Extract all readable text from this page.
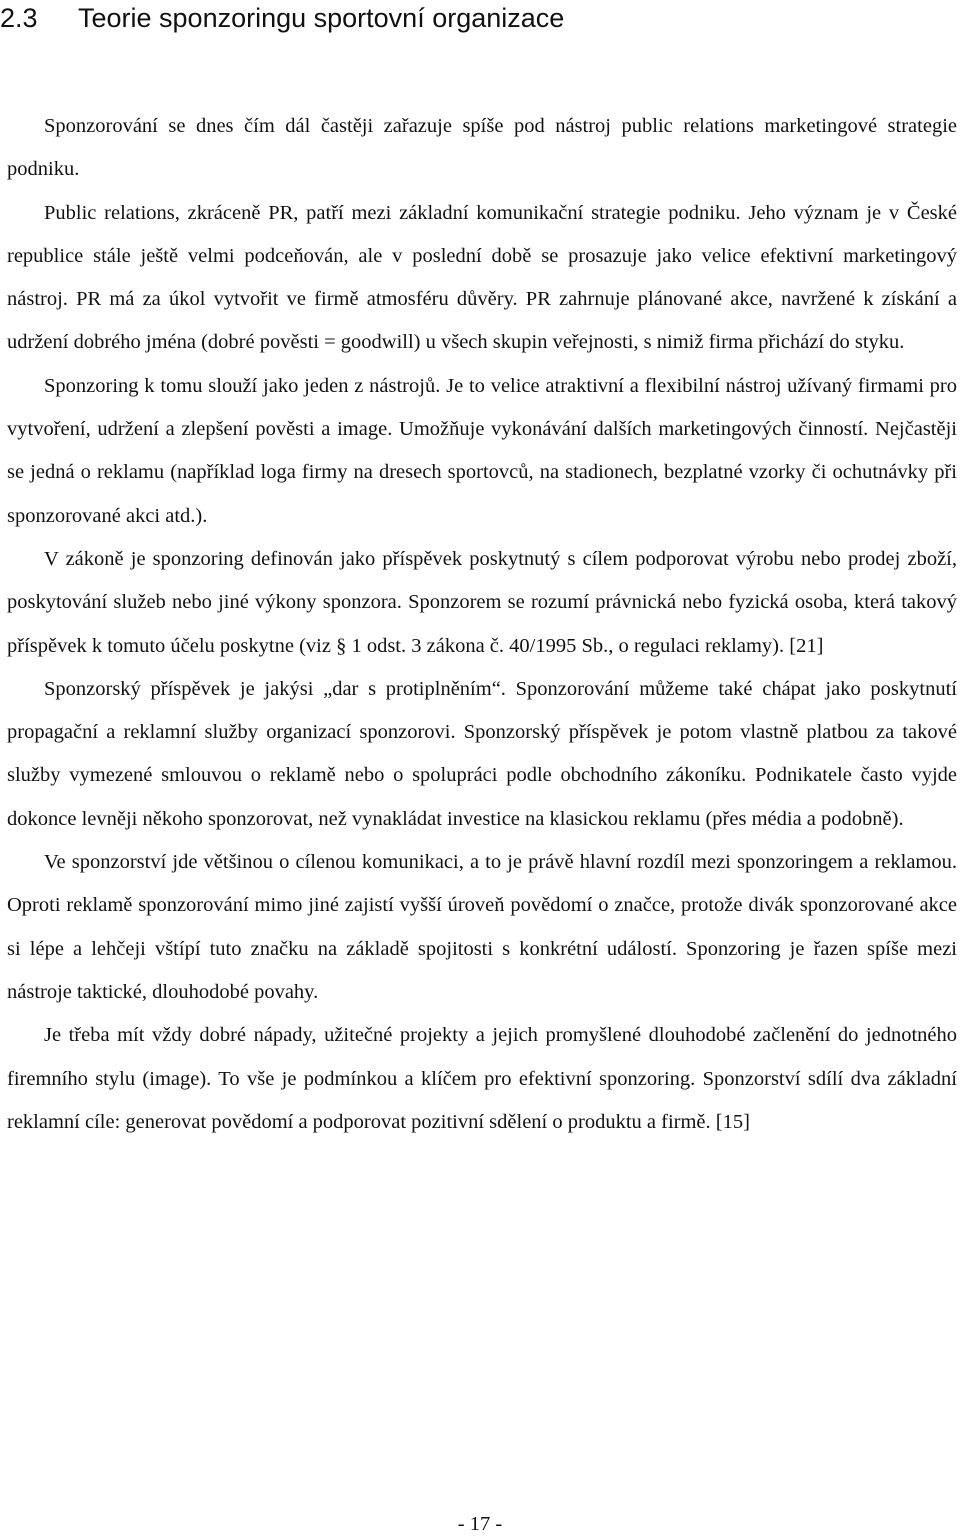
2.3 Teorie sponzoringu sportovní organizace

Sponzorování se dnes čím dál častěji zařazuje spíše pod nástroj public relations marketingové strategie podniku.

Public relations, zkráceně PR, patří mezi základní komunikační strategie podniku. Jeho význam je v České republice stále ještě velmi podceňován, ale v poslední době se prosazuje jako velice efektivní marketingový nástroj. PR má za úkol vytvořit ve firmě atmosféru důvěry. PR zahrnuje plánované akce, navržené k získání a udržení dobrého jména (dobré pověsti = goodwill) u všech skupin veřejnosti, s nimiž firma přichází do styku.

Sponzoring k tomu slouží jako jeden z nástrojů. Je to velice atraktivní a flexibilní nástroj užívaný firmami pro vytvoření, udržení a zlepšení pověsti a image. Umožňuje vykonávání dalších marketingových činností. Nejčastěji se jedná o reklamu (například loga firmy na dresech sportovců, na stadionech, bezplatné vzorky či ochutnávky při sponzorované akci atd.).

V zákoně je sponzoring definován jako příspěvek poskytnutý s cílem podporovat výrobu nebo prodej zboží, poskytování služeb nebo jiné výkony sponzora. Sponzorem se rozumí právnická nebo fyzická osoba, která takový příspěvek k tomuto účelu poskytne (viz § 1 odst. 3 zákona č. 40/1995 Sb., o regulaci reklamy). [21]

Sponzorský příspěvek je jakýsi „dar s protiplněním“. Sponzorování můžeme také chápat jako poskytnutí propagační a reklamní služby organizací sponzorovi. Sponzorský příspěvek je potom vlastně platbou za takové služby vymezené smlouvou o reklamě nebo o spolupráci podle obchodního zákoníku. Podnikatele často vyjde dokonce levněji někoho sponzorovat, než vynakládat investice na klasickou reklamu (přes média a podobně).

Ve sponzorství jde většinou o cílenou komunikaci, a to je právě hlavní rozdíl mezi sponzoringem a reklamou. Oproti reklamě sponzorování mimo jiné zajistí vyšší úroveň povědomí o značce, protože divák sponzorované akce si lépe a lehčeji vštípí tuto značku na základě spojitosti s konkrétní událostí. Sponzoring je řazen spíše mezi nástroje taktické, dlouhodobé povahy.

Je třeba mít vždy dobré nápady, užitečné projekty a jejich promyšlené dlouhodobé začlenění do jednotného firemního stylu (image). To vše je podmínkou a klíčem pro efektivní sponzoring. Sponzorství sdílí dva základní reklamní cíle: generovat povědomí a podporovat pozitivní sdělení o produktu a firmě. [15]

- 17 -
